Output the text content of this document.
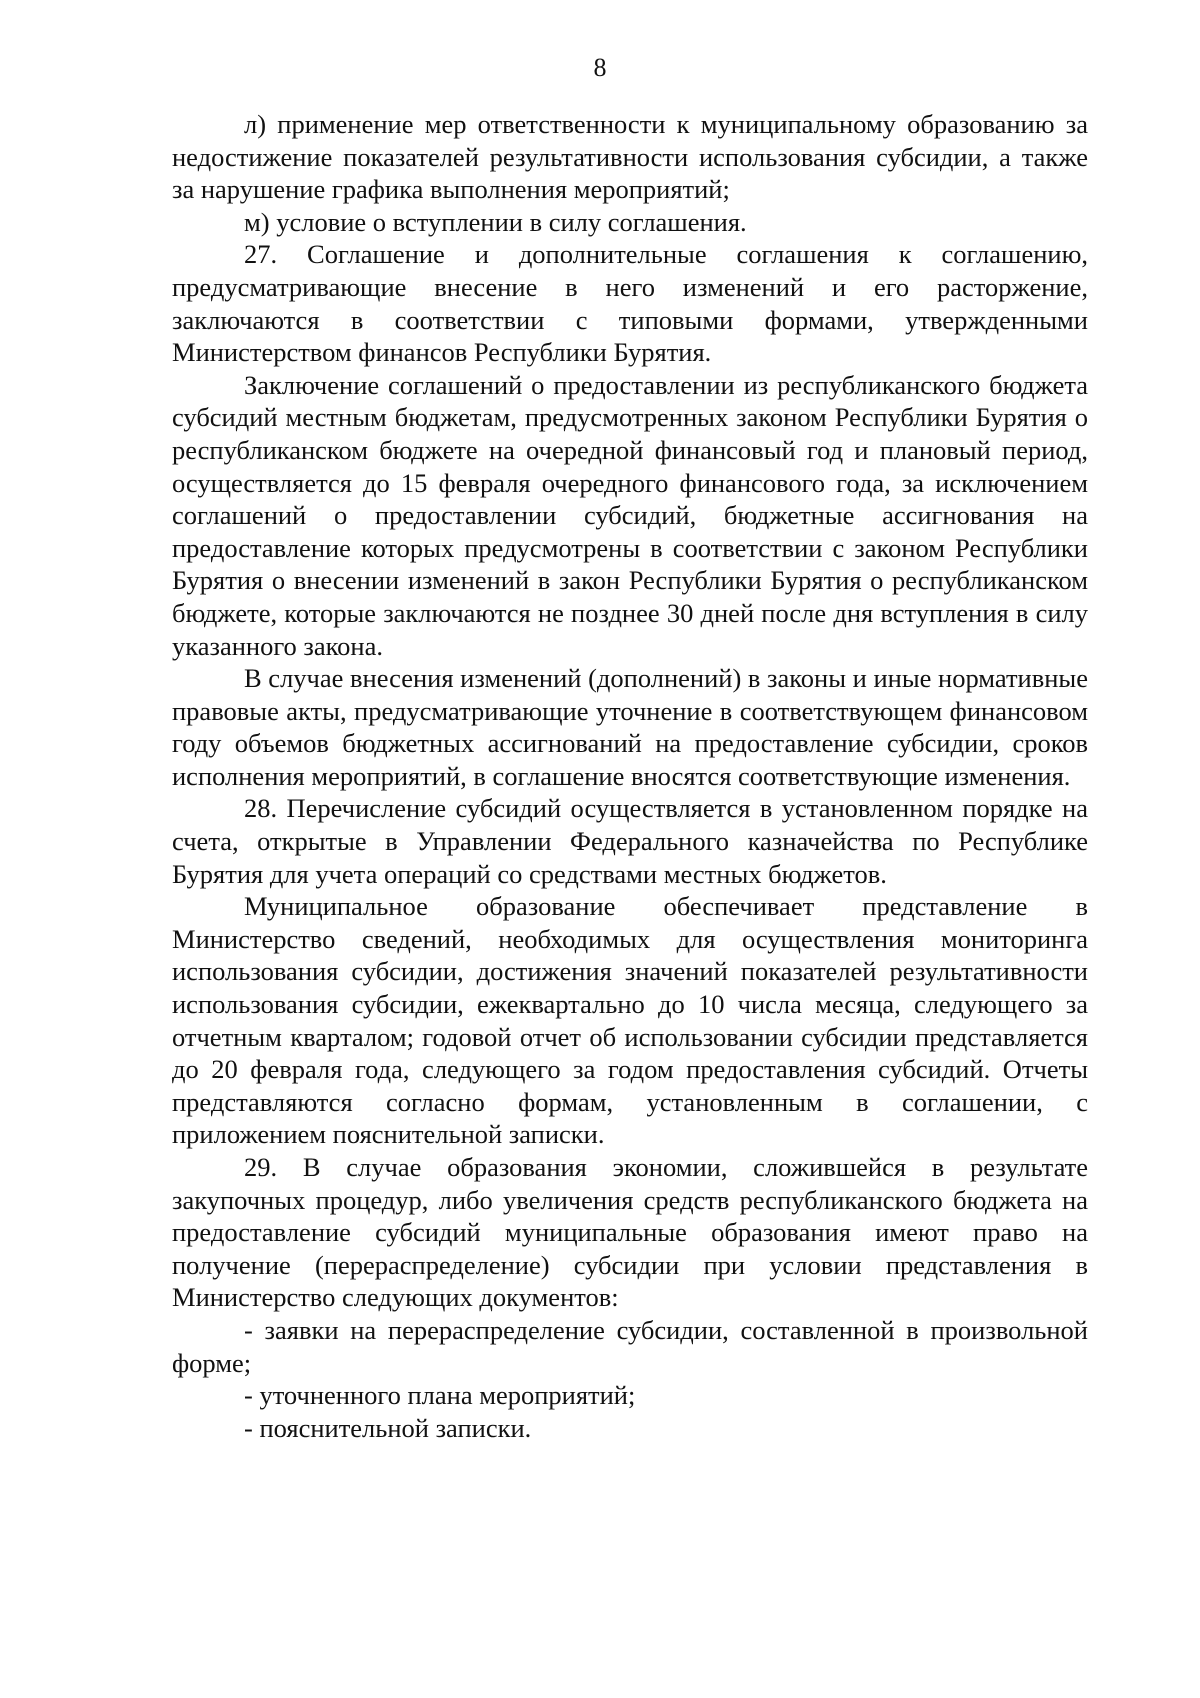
8

л) применение мер ответственности к муниципальному образованию за недостижение показателей результативности использования субсидии, а также за нарушение графика выполнения мероприятий;

м) условие о вступлении в силу соглашения.

27. Соглашение и дополнительные соглашения к соглашению, предусматривающие внесение в него изменений и его расторжение, заключаются в соответствии с типовыми формами, утвержденными Министерством финансов Республики Бурятия.

Заключение соглашений о предоставлении из республиканского бюджета субсидий местным бюджетам, предусмотренных законом Республики Бурятия о республиканском бюджете на очередной финансовый год и плановый период, осуществляется до 15 февраля очередного финансового года, за исключением соглашений о предоставлении субсидий, бюджетные ассигнования на предоставление которых предусмотрены в соответствии с законом Республики Бурятия о внесении изменений в закон Республики Бурятия о республиканском бюджете, которые заключаются не позднее 30 дней после дня вступления в силу указанного закона.

В случае внесения изменений (дополнений) в законы и иные нормативные правовые акты, предусматривающие уточнение в соответствующем финансовом году объемов бюджетных ассигнований на предоставление субсидии, сроков исполнения мероприятий, в соглашение вносятся соответствующие изменения.

28. Перечисление субсидий осуществляется в установленном порядке на счета, открытые в Управлении Федерального казначейства по Республике Бурятия для учета операций со средствами местных бюджетов.

Муниципальное образование обеспечивает представление в Министерство сведений, необходимых для осуществления мониторинга использования субсидии, достижения значений показателей результативности использования субсидии, ежеквартально до 10 числа месяца, следующего за отчетным кварталом; годовой отчет об использовании субсидии представляется до 20 февраля года, следующего за годом предоставления субсидий. Отчеты представляются согласно формам, установленным в соглашении, с приложением пояснительной записки.

29. В случае образования экономии, сложившейся в результате закупочных процедур, либо увеличения средств республиканского бюджета на предоставление субсидий муниципальные образования имеют право на получение (перераспределение) субсидии при условии представления в Министерство следующих документов:

- заявки на перераспределение субсидии, составленной в произвольной форме;

- уточненного плана мероприятий;

- пояснительной записки.
